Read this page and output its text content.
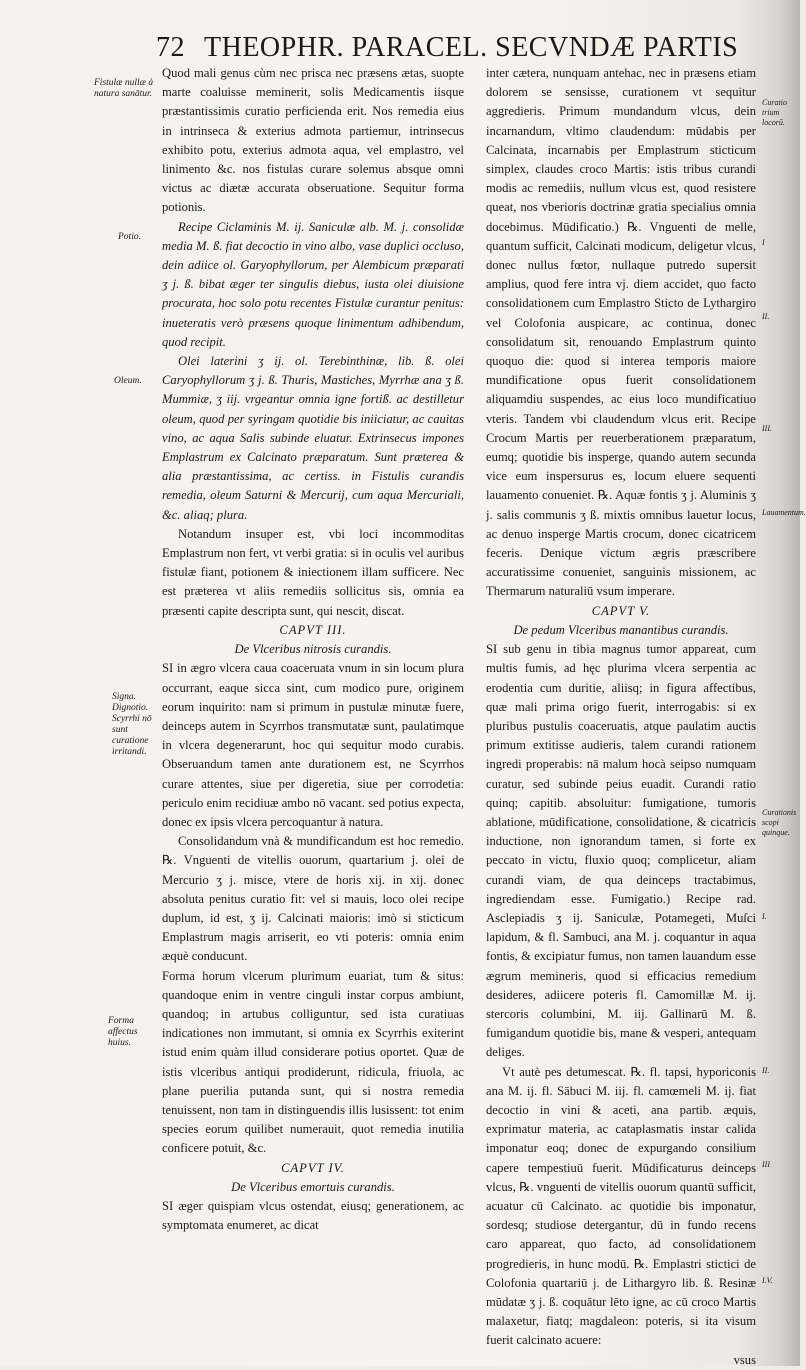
72 THEOPHR. PARACEL. SECVNDÆ PARTIS
Fistulæ nullæ à natura sanātur.
Potio.
Oleum.
Signa. Dignotio. Scyrrhi nō sunt curatione irritandi.
Forma affectus huius.
Curatio trium locorū.
I
II.
III.
Lauamentum.
Curationis scopi quinque.
I.
II.
III
I.V.

Quod mali genus cùm nec prisca nec præsens ætas, suopte marte coaluisse meminerit, solis Medicamentis iisque præstantissimis curatio perficienda erit. Nos remedia eius in intrinseca & exterius admota partiemur, intrinsecus exhibito potu, exterius admota aqua, vel emplastro, vel linimento &c. nos fistulas curare solemus absque omni victus ac diætæ accurata obseruatione. Sequitur forma potionis.

Recipe Ciclaminis M. ij. Saniculæ alb. M. j. consolidæ media M. ß. fiat decoctio in vino albo, vase duplici occluso, dein adiice ol. Garyophyllorum, per Alembicum præparati ʒ j. ß. bibat æger ter singulis diebus, iusta olei diuisione procurata, hoc solo potu recentes Fistulæ curantur penitus: inueteratis verò præsens quoque linimentum adhibendum, quod recipit.

Olei laterini ʒ ij. ol. Terebinthinæ, lib. ß. olei Caryophyllorum ʒ j. ß. Thuris, Mastiches, Myrrhæ ana ʒ ß. Mummiæ, ʒ iij. vrgeantur omnia igne fortiß. ac destilletur oleum, quod per syringam quotidie bis iniiciatur, ac cauitas vino, ac aqua Salis subinde eluatur. Extrinsecus impones Emplastrum ex Calcinato præparatum. Sunt præterea & alia præstantissima, ac certiss. in Fistulis curandis remedia, oleum Saturni & Mercurij, cum aqua Mercuriali, &c. aliaq; plura.

Notandum insuper est, vbi loci incommoditas Emplastrum non fert, vt verbi gratia: si in oculis vel auribus fistulæ fiant, potionem & iniectionem illam sufficere. Nec est prætereа vt aliis remediis sollicitus sis, omnia ea præsenti capite descripta sunt, qui nescit, discat.

CAPVT III.

De Vlceribus nitrosis curandis.

SI in ægro vlcera caua coaceruata vnum in sin locum plura occurrant, eaque sicca sint, cum modico pure, originem eorum inquirito: nam si primum in pustulæ minutæ fuere, deinceps autem in Scyrrhos transmutatæ sunt, paulatimque in vlcera degenerarunt, hoc qui sequitur modo curabis. Obseruandum tamen ante durationem est, ne Scyrrhos curare attentes, siue per digeretia, siue per corrodetia: periculo enim recidiuæ ambo nō vacant. sed potius expecta, donec ex ipsis vlcera percoquantur à natura.

Consolidandum vnà & mundificandum est hoc remedio. ℞. Vnguenti de vitellis ouorum, quartarium j. olei de Mercurio ʒ j. misce, vtere de horis xij. in xij. donec absoluta penitus curatio fit: vel si mauis, loco olei recipe duplum, id est, ʒ ij. Calcinati maioris: imò si sticticum Emplastrum magis arriserit, eo vti poteris: omnia enim æquè conducunt.

Forma horum vlcerum plurimum euariat, tum & situs: quandoque enim in ventre cinguli instar corpus ambiunt, quandoq; in artubus colliguntur, sed ista curatiuas indicationes non immutant, si omnia ex Scyrrhis exiterint istud enim quàm illud considerare potius oportet. Quæ de istis vlceribus antiqui prodiderunt, ridicula, friuola, ac plane puerilia putanda sunt, qui si nostra remedia tenuissent, non tam in distinguendis illis lusissent: tot enim species eorum quilibet numerauit, quot remedia inutilia conficere potuit, &c.

CAPVT IV.

De Vlceribus emortuis curandis.

SI æger quispiam vlcus ostendat, eiusq; generationem, ac symptomata enumeret, ac dicat

inter cætera, nunquam antehac, nec in præsens etiam dolorem se sensisse, curationem vt sequitur aggredieris. Primum mundandum vlcus, dein incarnandum, vltimo claudendum: mūdabis per Calcinata, incarnabis per Emplastrum sticticum simplex, claudes croco Martis: istis tribus curandi modis ac remediis, nullum vlcus est, quod resistere queat, nos vberioris doctrinæ gratia specialius omnia docebimus. Mūdificatio.) ℞. Vnguenti de melle, quantum sufficit, Calcinati modicum, deligetur vlcus, donec nullus fœtor, nullaque putredo supersit amplius, quod fere intra vj. diem accidet, quo facto consolidationem cum Emplastro Sticto de Lythargiro vel Colofonia auspicare, ac continua, donec consolidatum sit, renouando Emplastrum quinto quoquo die: quod si interea temporis maiore mundificatione opus fuerit consolidationem aliquamdiu suspendes, ac eius loco mundificatiuo vteris. Tandem vbi claudendum vlcus erit. Recipe Crocum Martis per reuerberationem præparatum, eumq; quotidie bis insperge, quando autem secunda vice eum inspersurus es, locum eluere sequenti lauamento conueniet. ℞. Aquæ fontis ʒ j. Aluminis ʒ j. salis communis ʒ ß. mixtis omnibus lauetur locus, ac denuo insperge Martis crocum, donec cicatricem feceris. Denique victum ægris præscribere accuratissime conueniet, sanguinis missionem, ac Thermarum naturaliū vsum imperare.

CAPVT V.

De pedum Vlceribus manantibus curandis.

SI sub genu in tibia magnus tumor appareat, cum multis fumis, ad hęc plurima vlcera serpentia ac erodentia cum duritie, aliisq; in figura affectibus, quæ mali prima origo fuerit, interrogabis: si ex pluribus pustulis coaceruatis, atque paulatim auctis primum extitisse audieris, talem curandi rationem ingredi properabis: nā malum hocà seipso numquam curatur, sed subinde peius euadit. Curandi ratio quinq; capitib. absoluitur: fumigatione, tumoris ablatione, mūdificatione, consolidatione, & cicatricis inductione, non ignorandum tamen, si forte ex peccato in victu, fluxio quoq; complicetur, aliam curandi viam, de qua deinceps tractabimus, ingrediendam esse. Fumigatio.) Recipe rad. Asclepiadis ʒ ij. Saniculæ, Potamegeti, Muſci lapidum, & fl. Sambuci, ana M. j. coquantur in aqua fontis, & excipiatur fumus, non tamen lauandum esse ægrum memineris, quod si efficacius remedium desideres, adiicere poteris fl. Camomillæ M. ij. stercoris columbini, M. iij. Gallinarū M. ß. fumigandum quotidie bis, mane & vesperi, antequam deliges.

Vt autè pes detumescat. ℞. fl. tapsi, hyporiconis ana M. ij. fl. Sābuci M. iij. fl. camœmeli M. ij. fiat decoctio in vini & aceti, ana partib. æquis, exprimatur materia, ac cataplasmatis instar calida imponatur eoq; donec de expurgando consilium capere tempestiuū fuerit. Mūdificaturus deinceps vlcus, ℞. vnguenti de vitellis ouorum quantū sufficit, acuatur cū Calcinato. ac quotidie bis imponatur, sordesq; studiose detergantur, dū in fundo recens caro appareat, quo facto, ad consolidationem progredieris, in hunc modū. ℞. Emplastri stictici de Colofonia quartariū j. de Lithargyro lib. ß. Resinæ mūdatæ ʒ j. ß. coquātur lēto igne, ac cū croco Martis malaxetur, fiatq; magdaleon: poteris, si ita visum fuerit calcinato acuere:

vsus
